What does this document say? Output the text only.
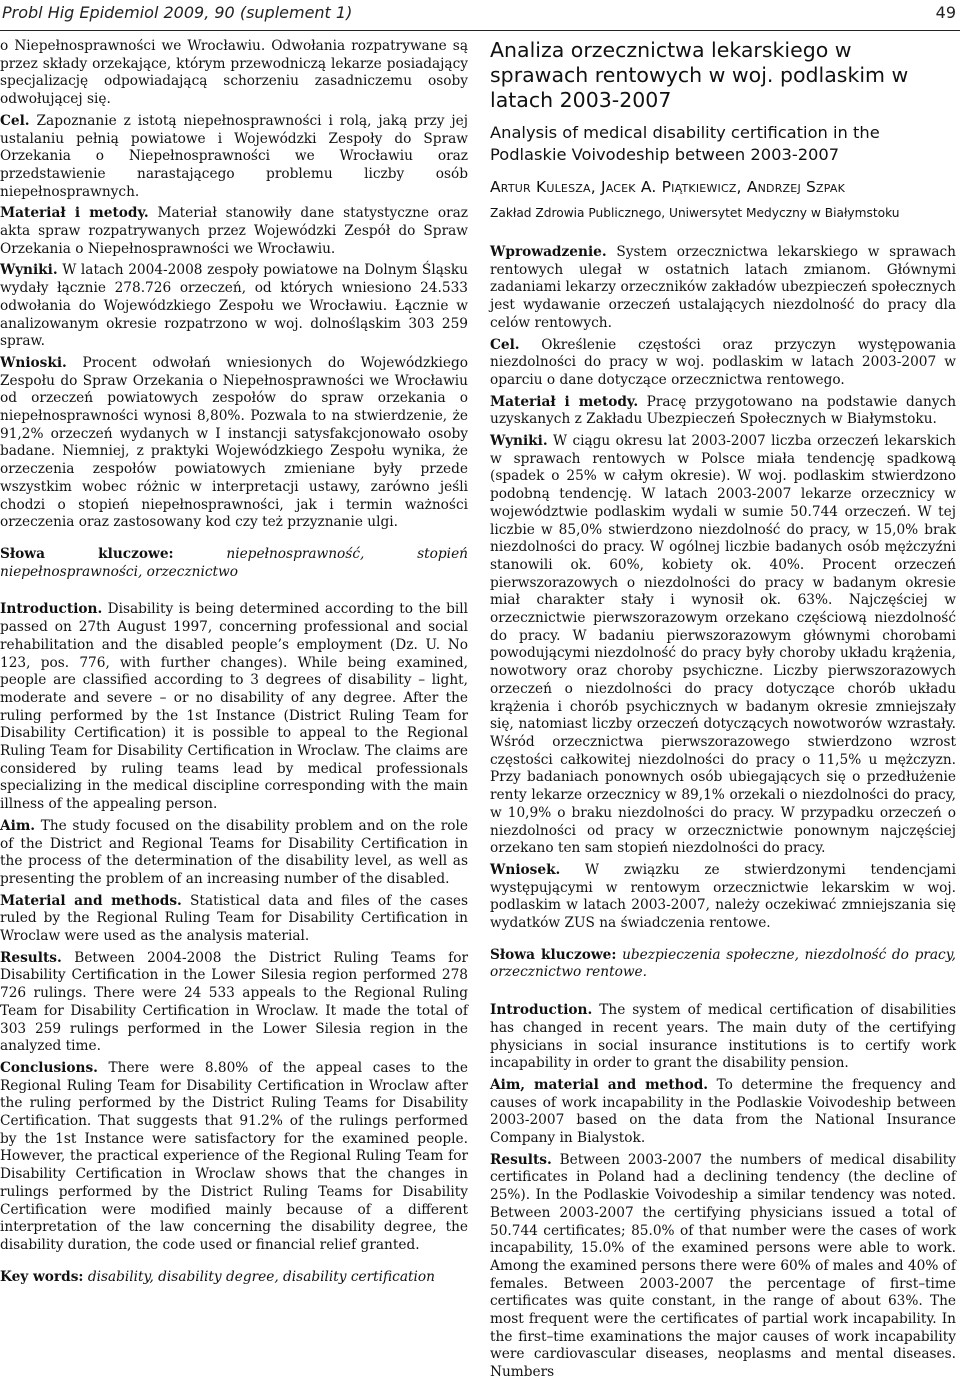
Probl Hig Epidemiol 2009, 90 (suplement 1)	49

o Niepełnosprawności we Wrocławiu. Odwołania rozpatrywane są przez składy orzekające, którym przewodniczą lekarze posiadający specjalizację odpowiadającą schorzeniu zasadniczemu osoby odwołującej się.

Cel. Zapoznanie z istotą niepełnosprawności i rolą, jaką przy jej ustalaniu pełnią powiatowe i Wojewódzki Zespoły do Spraw Orzekania o Niepełnosprawności we Wrocławiu oraz przedstawienie narastającego problemu liczby osób niepełnosprawnych.

Materiał i metody. Materiał stanowiły dane statystyczne oraz akta spraw rozpatrywanych przez Wojewódzki Zespół do Spraw Orzekania o Niepełnosprawności we Wrocławiu.

Wyniki. W latach 2004-2008 zespoły powiatowe na Dolnym Śląsku wydały łącznie 278.726 orzeczeń, od których wniesiono 24.533 odwołania do Wojewódzkiego Zespołu we Wrocławiu. Łącznie w analizowanym okresie rozpatrzono w woj. dolnośląskim 303 259 spraw.

Wnioski. Procent odwołań wniesionych do Wojewódzkiego Zespołu do Spraw Orzekania o Niepełnosprawności we Wrocławiu od orzeczeń powiatowych zespołów do spraw orzekania o niepełnosprawności wynosi 8,80%. Pozwala to na stwierdzenie, że 91,2% orzeczeń wydanych w I instancji satysfakcjonowało osoby badane. Niemniej, z praktyki Wojewódzkiego Zespołu wynika, że orzeczenia zespołów powiatowych zmieniane były przede wszystkim wobec różnic w interpretacji ustawy, zarówno jeśli chodzi o stopień niepełnosprawności, jak i termin ważności orzeczenia oraz zastosowany kod czy też przyznanie ulgi.

Słowa kluczowe: niepełnosprawność, stopień niepełnosprawności, orzecznictwo

Introduction. Disability is being determined according to the bill passed on 27th August 1997, concerning professional and social rehabilitation and the disabled people’s employment (Dz. U. No 123, pos. 776, with further changes). While being examined, people are classified according to 3 degrees of disability – light, moderate and severe – or no disability of any degree. After the ruling performed by the 1st Instance (District Ruling Team for Disability Certification) it is possible to appeal to the Regional Ruling Team for Disability Certification in Wroclaw. The claims are considered by ruling teams lead by medical professionals specializing in the medical discipline corresponding with the main illness of the appealing person.

Aim. The study focused on the disability problem and on the role of the District and Regional Teams for Disability Certification in the process of the determination of the disability level, as well as presenting the problem of an increasing number of the disabled.

Material and methods. Statistical data and files of the cases ruled by the Regional Ruling Team for Disability Certification in Wroclaw were used as the analysis material.

Results. Between 2004-2008 the District Ruling Teams for Disability Certification in the Lower Silesia region performed 278 726 rulings. There were 24 533 appeals to the Regional Ruling Team for Disability Certification in Wroclaw. It made the total of 303 259 rulings performed in the Lower Silesia region in the analyzed time.

Conclusions. There were 8.80% of the appeal cases to the Regional Ruling Team for Disability Certification in Wroclaw after the ruling performed by the District Ruling Teams for Disability Certification. That suggests that 91.2% of the rulings performed by the 1st Instance were satisfactory for the examined people. However, the practical experience of the Regional Ruling Team for Disability Certification in Wroclaw shows that the changes in rulings performed by the District Ruling Teams for Disability Certification were modified mainly because of a different interpretation of the law concerning the disability degree, the disability duration, the code used or financial relief granted.

Key words: disability, disability degree, disability certification

Analiza orzecznictwa lekarskiego w sprawach rentowych w woj. podlaskim w latach 2003-2007
Analysis of medical disability certification in the Podlaskie Voivodeship between 2003-2007
Artur Kulesza, Jacek A. Piątkiewicz, Andrzej Szpak
Zakład Zdrowia Publicznego, Uniwersytet Medyczny w Białymstoku

Wprowadzenie. System orzecznictwa lekarskiego w sprawach rentowych ulegał w ostatnich latach zmianom. Głównymi zadaniami lekarzy orzeczników zakładów ubezpieczeń społecznych jest wydawanie orzeczeń ustalających niezdolność do pracy dla celów rentowych.

Cel. Określenie częstości oraz przyczyn występowania niezdolności do pracy w woj. podlaskim w latach 2003-2007 w oparciu o dane dotyczące orzecznictwa rentowego.

Materiał i metody. Pracę przygotowano na podstawie danych uzyskanych z Zakładu Ubezpieczeń Społecznych w Białymstoku.

Wyniki. W ciągu okresu lat 2003-2007 liczba orzeczeń lekarskich w sprawach rentowych w Polsce miała tendencję spadkową (spadek o 25% w całym okresie). W woj. podlaskim stwierdzono podobną tendencję. W latach 2003-2007 lekarze orzecznicy w województwie podlaskim wydali w sumie 50.744 orzeczeń. W tej liczbie w 85,0% stwierdzono niezdolność do pracy, w 15,0% brak niezdolności do pracy. W ogólnej liczbie badanych osób mężczyźni stanowili ok. 60%, kobiety ok. 40%. Procent orzeczeń pierwszorazowych o niezdolności do pracy w badanym okresie miał charakter stały i wynosił ok. 63%. Najczęściej w orzecznictwie pierwszorazowym orzekano częściową niezdolność do pracy. W badaniu pierwszorazowym głównymi chorobami powodującymi niezdolność do pracy były choroby układu krążenia, nowotwory oraz choroby psychiczne. Liczby pierwszorazowych orzeczeń o niezdolności do pracy dotyczące chorób układu krążenia i chorób psychicznych w badanym okresie zmniejszały się, natomiast liczby orzeczeń dotyczących nowotworów wzrastały. Wśród orzecznictwa pierwszorazowego stwierdzono wzrost częstości całkowitej niezdolności do pracy o 11,5% u mężczyzn. Przy badaniach ponownych osób ubiegających się o przedłużenie renty lekarze orzecznicy w 89,1% orzekali o niezdolności do pracy, w 10,9% o braku niezdolności do pracy. W przypadku orzeczeń o niezdolności od pracy w orzecznictwie ponownym najczęściej orzekano ten sam stopień niezdolności do pracy.

Wniosek. W związku ze stwierdzonymi tendencjami występującymi w rentowym orzecznictwie lekarskim w woj. podlaskim w latach 2003-2007, należy oczekiwać zmniejszania się wydatków ZUS na świadczenia rentowe.

Słowa kluczowe: ubezpieczenia społeczne, niezdolność do pracy, orzecznictwo rentowe.

Introduction. The system of medical certification of disabilities has changed in recent years. The main duty of the certifying physicians in social insurance institutions is to certify work incapability in order to grant the disability pension.

Aim, material and method. To determine the frequency and causes of work incapability in the Podlaskie Voivodeship between 2003-2007 based on the data from the National Insurance Company in Bialystok.

Results. Between 2003-2007 the numbers of medical disability certificates in Poland had a declining tendency (the decline of 25%). In the Podlaskie Voivodeship a similar tendency was noted. Between 2003-2007 the certifying physicians issued a total of 50.744 certificates; 85.0% of that number were the cases of work incapability, 15.0% of the examined persons were able to work. Among the examined persons there were 60% of males and 40% of females. Between 2003-2007 the percentage of first–time certificates was quite constant, in the range of about 63%. The most frequent were the certificates of partial work incapability. In the first–time examinations the major causes of work incapability were cardiovascular diseases, neoplasms and mental diseases. Numbers
